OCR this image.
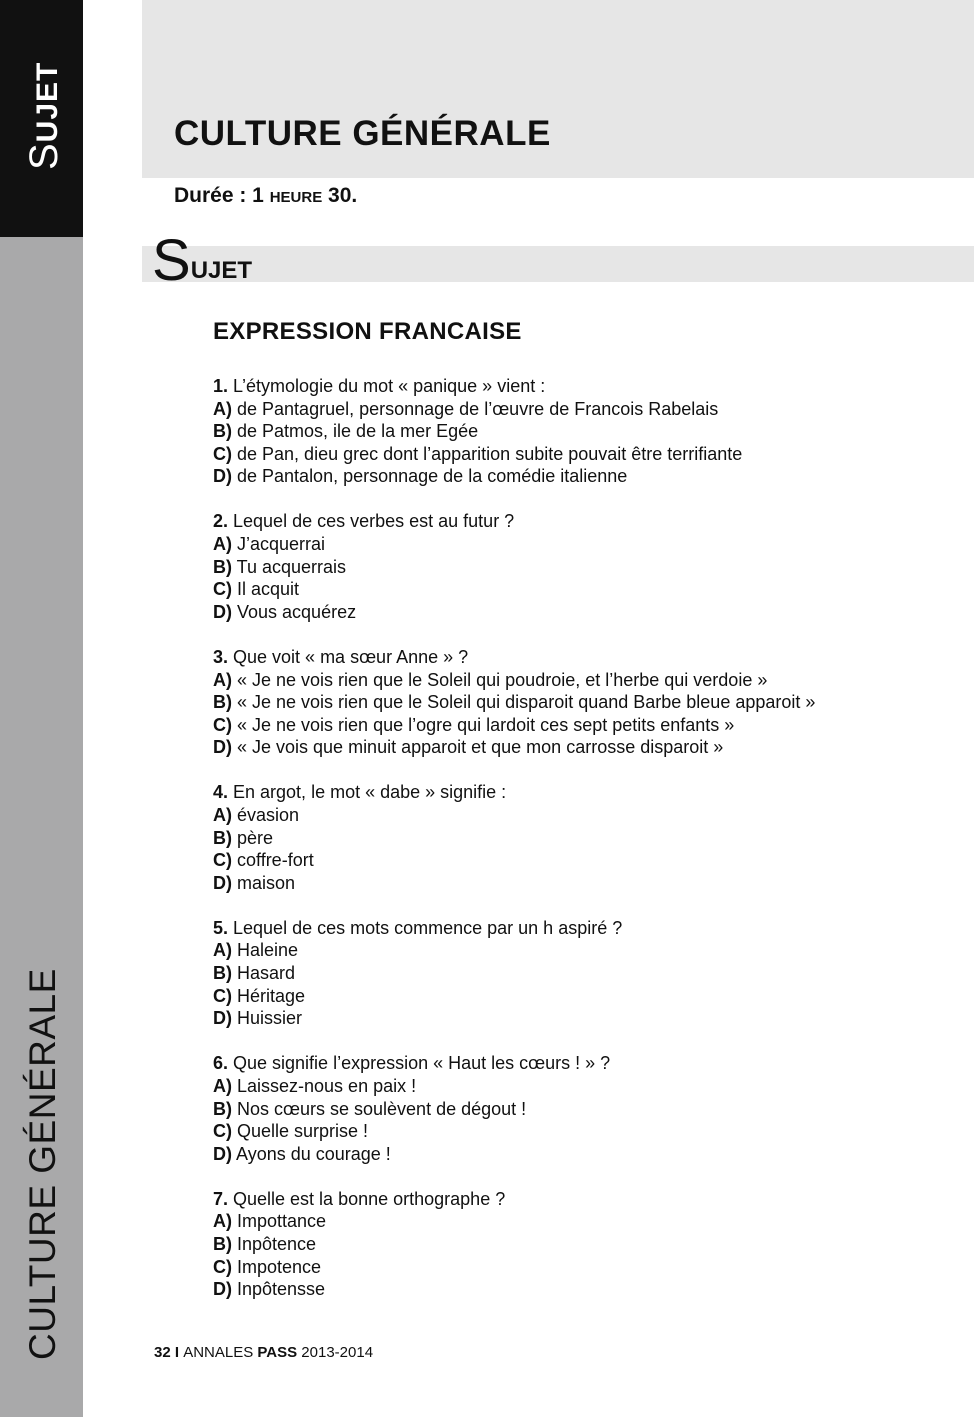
SUJET
CULTURE GÉNÉRALE
CULTURE GÉNÉRALE
Durée : 1 HEURE 30.
SUJET
EXPRESSION FRANCAISE
1. L’étymologie du mot « panique » vient :
A) de Pantagruel, personnage de l’œuvre de Francois Rabelais
B) de Patmos, ile de la mer Egée
C) de Pan, dieu grec dont l’apparition subite pouvait être terrifiante
D) de Pantalon, personnage de la comédie italienne
2. Lequel de ces verbes est au futur ?
A) J’acquerrai
B) Tu acquerrais
C) Il acquit
D) Vous acquérez
3. Que voit « ma sœur Anne » ?
A) « Je ne vois rien que le Soleil qui poudroie, et l’herbe qui verdoie »
B) « Je ne vois rien que le Soleil qui disparoit quand Barbe bleue apparoit »
C) « Je ne vois rien que l’ogre qui lardoit ces sept petits enfants »
D) « Je vois que minuit apparoit et que mon carrosse disparoit »
4. En argot, le mot « dabe » signifie :
A) évasion
B) père
C) coffre-fort
D) maison
5. Lequel de ces mots commence par un h aspiré ?
A) Haleine
B) Hasard
C) Héritage
D) Huissier
6. Que signifie l’expression « Haut les cœurs ! » ?
A) Laissez-nous en paix !
B) Nos cœurs se soulèvent de dégout !
C) Quelle surprise !
D) Ayons du courage !
7. Quelle est la bonne orthographe ?
A) Impottance
B) Inpôtence
C) Impotence
D) Inpôtensse
32 I ANNALES PASS 2013-2014
